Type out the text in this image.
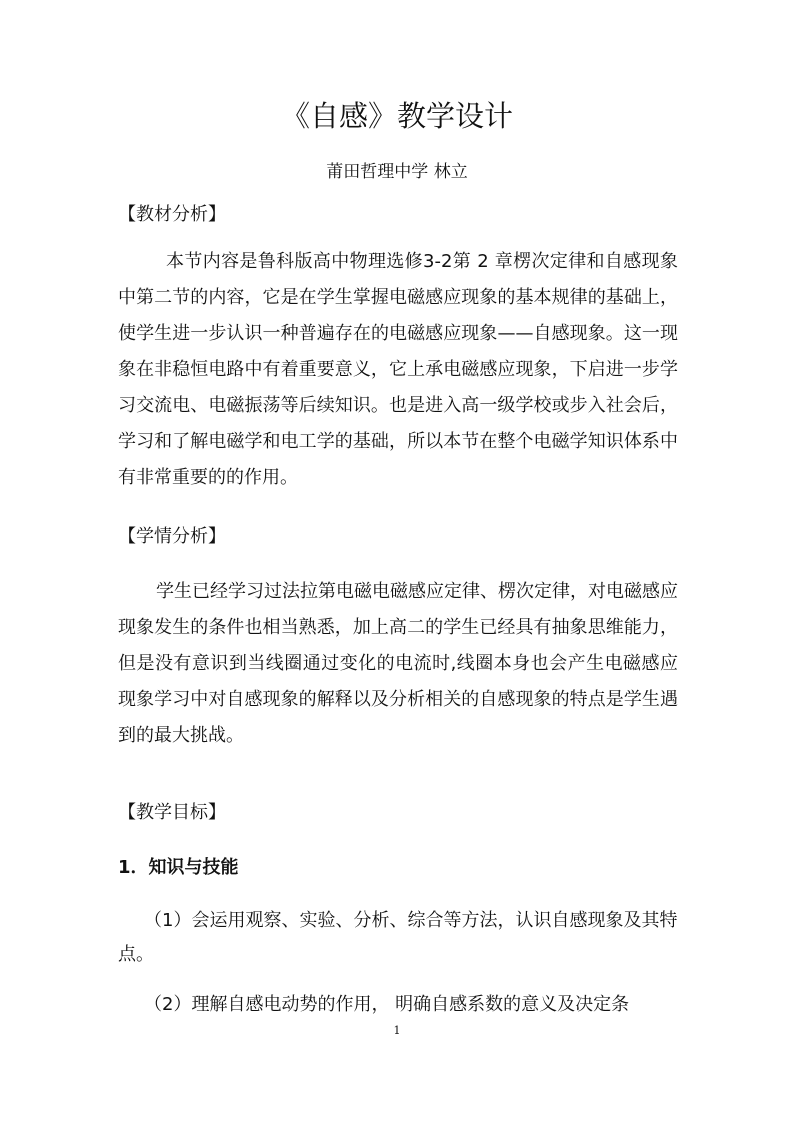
《自感》教学设计
莆田哲理中学 林立
【教材分析】

本节内容是鲁科版高中物理选修3-2第 2 章楞次定律和自感现象中第二节的内容，它是在学生掌握电磁感应现象的基本规律的基础上，使学生进一步认识一种普遍存在的电磁感应现象——自感现象。这一现象在非稳恒电路中有着重要意义，它上承电磁感应现象，下启进一步学习交流电、电磁振荡等后续知识。也是进入高一级学校或步入社会后，学习和了解电磁学和电工学的基础，所以本节在整个电磁学知识体系中有非常重要的的作用。

【学情分析】

学生已经学习过法拉第电磁电磁感应定律、楞次定律，对电磁感应现象发生的条件也相当熟悉，加上高二的学生已经具有抽象思维能力，但是没有意识到当线圈通过变化的电流时,线圈本身也会产生电磁感应现象学习中对自感现象的解释以及分析相关的自感现象的特点是学生遇到的最大挑战。

【教学目标】
1．知识与技能

（1）会运用观察、实验、分析、综合等方法，认识自感现象及其特点。

（2）理解自感电动势的作用， 明确自感系数的意义及决定条

1
